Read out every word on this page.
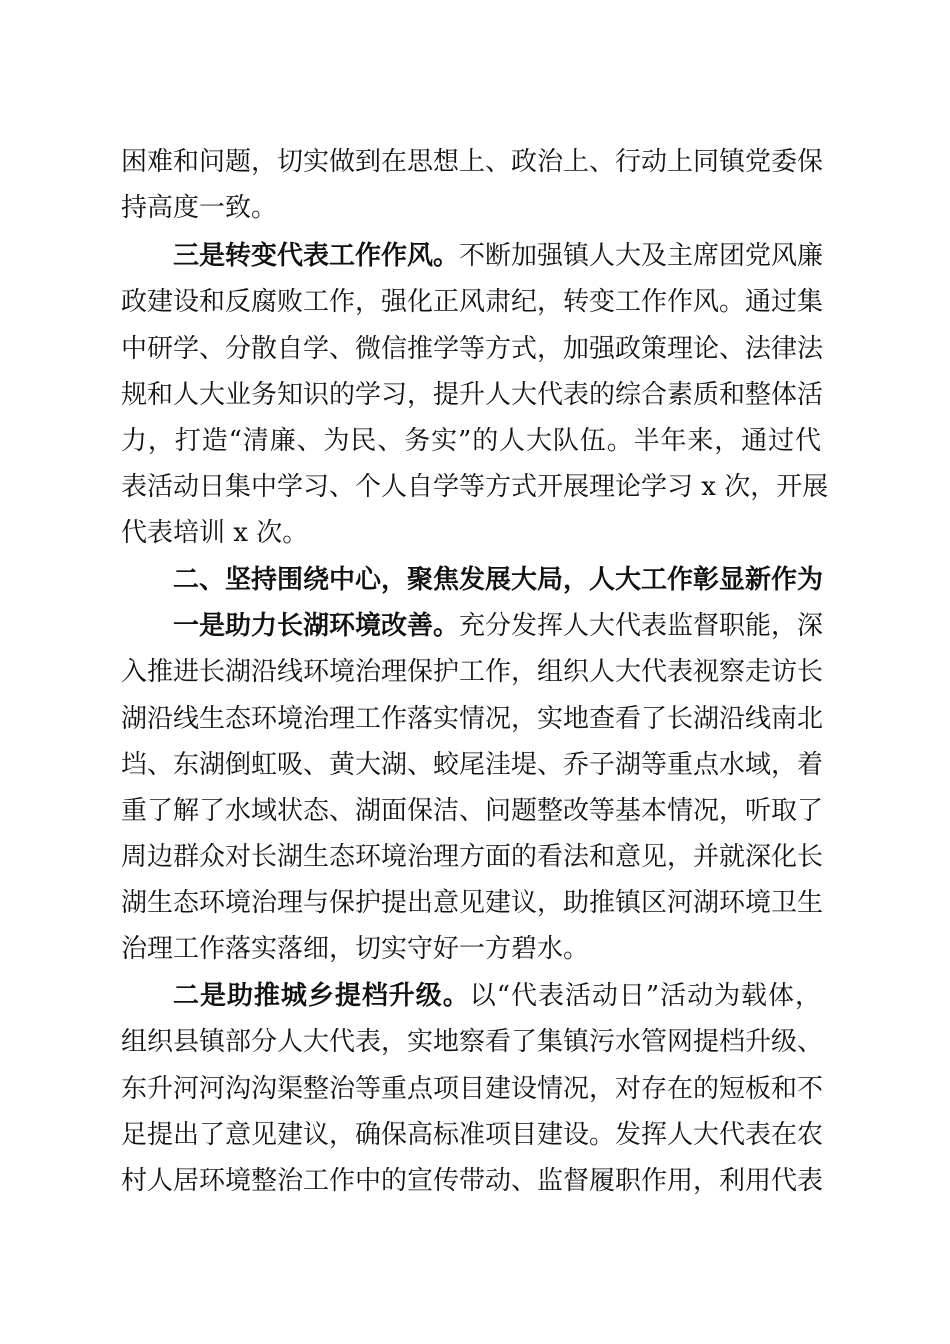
困难和问题，切实做到在思想上、政治上、行动上同镇党委保
持高度一致。
三是转变代表工作作风。不断加强镇人大及主席团党风廉
政建设和反腐败工作，强化正风肃纪，转变工作作风。通过集
中研学、分散自学、微信推学等方式，加强政策理论、法律法
规和人大业务知识的学习，提升人大代表的综合素质和整体活
力，打造“清廉、为民、务实”的人大队伍。半年来，通过代
表活动日集中学习、个人自学等方式开展理论学习 x 次，开展
代表培训 x 次。
二、坚持围绕中心，聚焦发展大局，人大工作彰显新作为
一是助力长湖环境改善。充分发挥人大代表监督职能，深
入推进长湖沿线环境治理保护工作，组织人大代表视察走访长
湖沿线生态环境治理工作落实情况，实地查看了长湖沿线南北
垱、东湖倒虹吸、黄大湖、蛟尾洼堤、乔子湖等重点水域，着
重了解了水域状态、湖面保洁、问题整改等基本情况，听取了
周边群众对长湖生态环境治理方面的看法和意见，并就深化长
湖生态环境治理与保护提出意见建议，助推镇区河湖环境卫生
治理工作落实落细，切实守好一方碧水。
二是助推城乡提档升级。以“代表活动日”活动为载体，
组织县镇部分人大代表，实地察看了集镇污水管网提档升级、
东升河河沟沟渠整治等重点项目建设情况，对存在的短板和不
足提出了意见建议，确保高标准项目建设。发挥人大代表在农
村人居环境整治工作中的宣传带动、监督履职作用，利用代表
